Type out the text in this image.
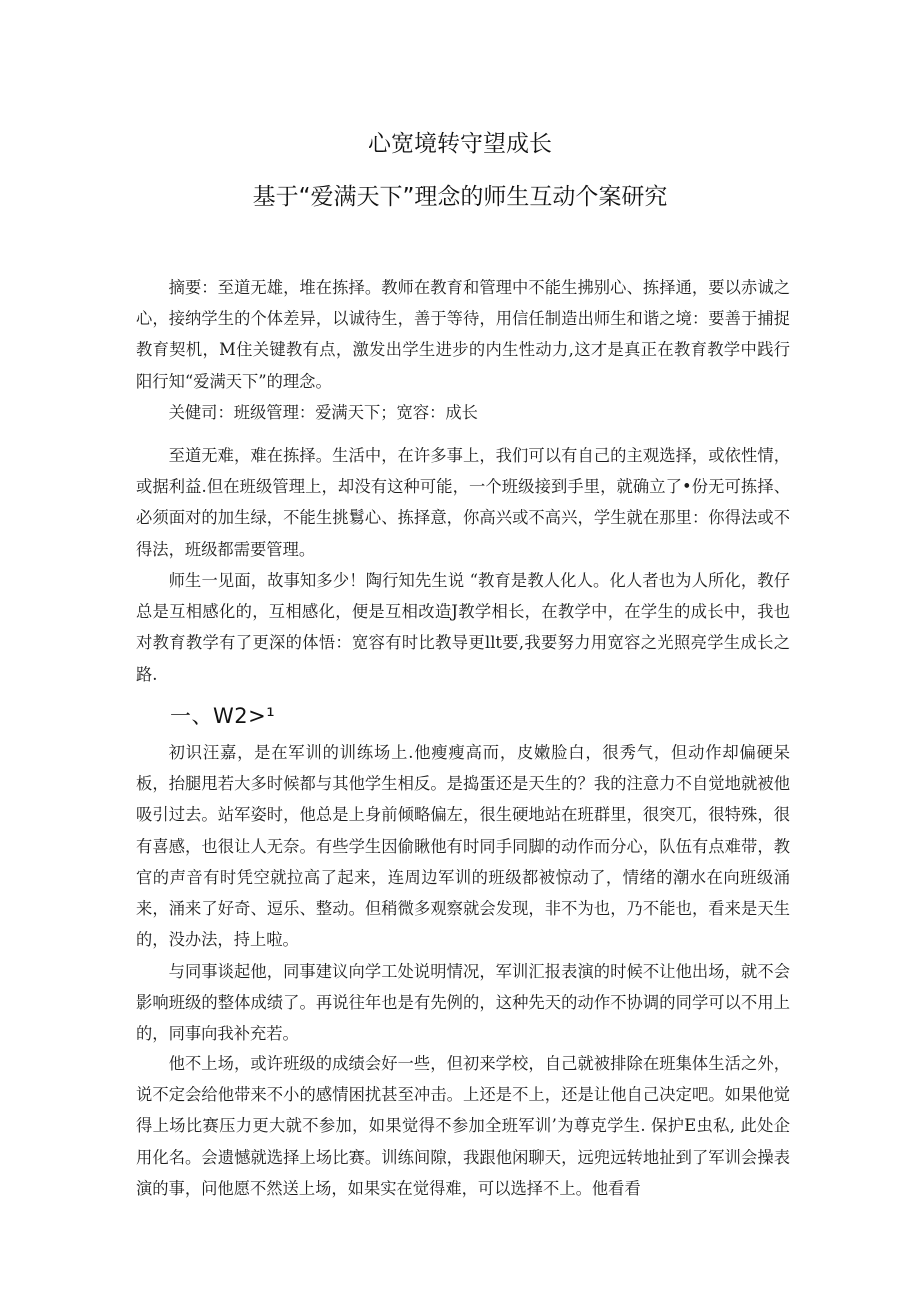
心宽境转守望成长
基于“爱满天下”理念的师生互动个案研究
摘要：至道无雄，堆在拣择。教师在教育和管理中不能生拂别心、拣择通，要以赤诚之心，接纳学生的个体差异，以诚待生，善于等待，用信任制造出师生和谐之境：要善于捕捉教育契机，M住关键教有点，激发出学生进步的内生性动力,这才是真正在教育教学中践行阳行知“爱满天下”的理念。
关健司：班级管理：爱满天下；宽容：成长
至道无难，难在拣择。生活中，在许多事上，我们可以有自己的主观选择，或依性情，或据利益.但在班级管理上，却没有这种可能，一个班级接到手里，就确立了•份无可拣择、必须面对的加生绿，不能生挑鬄心、拣择意，你高兴或不高兴，学生就在那里：你得法或不得法，班级都需要管理。
师生一见面，故事知多少！陶行知先生说 “教育是教人化人。化人者也为人所化，教仔总是互相感化的，互相感化，便是互相改造J教学相长，在教学中，在学生的成长中，我也对教育教学有了更深的体悟：宽容有时比教导更llt要,我要努力用宽容之光照亮学生成长之路.
一、W2>¹
初识汪嘉，是在军训的训练场上.他瘦瘦高而，皮嫩脸白，很秀气，但动作却偏硬呆板，抬腿甩若大多时候都与其他学生相反。是捣蛋还是天生的？我的注意力不自觉地就被他吸引过去。站军姿时，他总是上身前倾略偏左，很生硬地站在班群里，很突兀，很特殊，很有喜感，也很让人无奈。有些学生因偷瞅他有时同手同脚的动作而分心，队伍有点难带，教官的声音有时凭空就拉高了起来，连周边军训的班级都被惊动了，情绪的潮水在向班级涌来，涌来了好奇、逗乐、整动。但稍微多观察就会发现，非不为也，乃不能也，看来是天生的，没办法，持上啦。
与同事谈起他，同事建议向学工处说明情况，军训汇报表演的时候不让他出场，就不会影响班级的整体成绩了。再说往年也是有先例的，这种先天的动作不协调的同学可以不用上的，同事向我补充若。
他不上场，或许班级的成绩会好一些，但初来学校，自己就被排除在班集体生活之外，说不定会给他带来不小的感情困扰甚至冲击。上还是不上，还是让他自己决定吧。如果他觉得上场比赛压力更大就不参加，如果觉得不参加全班军训’为尊克学生. 保护E虫私, 此处企用化名。会遗憾就选择上场比赛。训练间隙，我跟他闲聊天，远兜远转地扯到了军训会操表演的事，问他愿不然送上场，如果实在觉得难，可以选择不上。他看看
